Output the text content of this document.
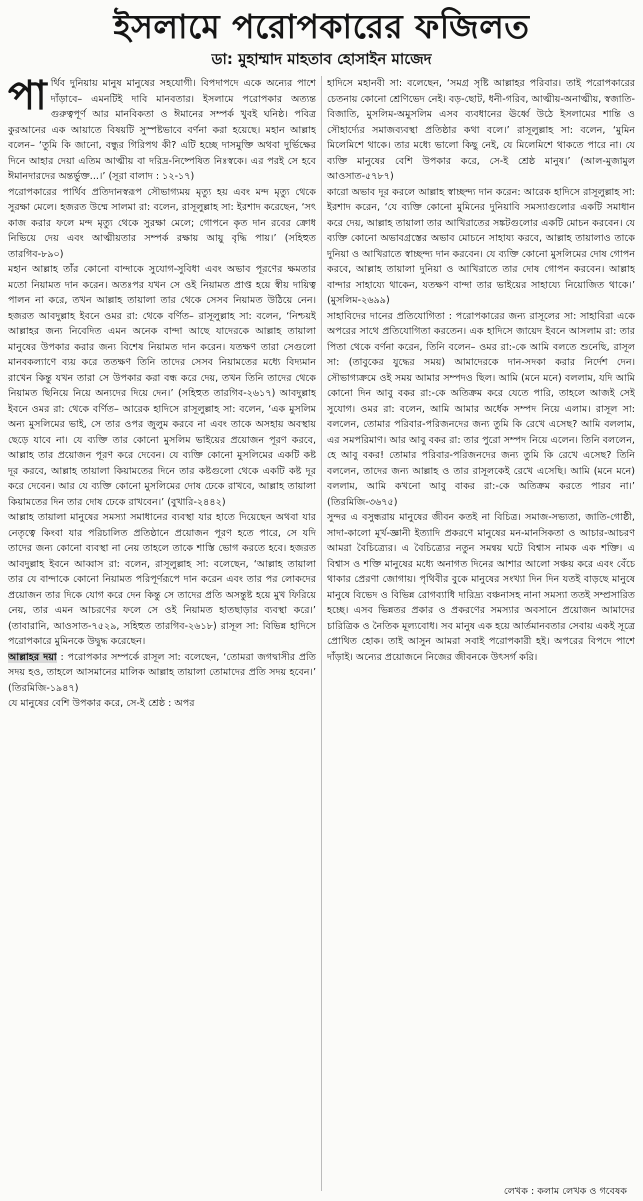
ইসলামে পরোপকারের ফজিলত
ডা: মুহাম্মাদ মাহতাব হোসাইন মাজেদ

পার্থিব দুনিয়ায় মানুষ মানুষের সহযোগী। বিপদাপদে একে অন্যের পাশে দাঁড়াবে– এমনটিই দাবি মানবতার। ইসলামে পরোপকার অত্যন্ত গুরুত্বপূর্ণ আর মানবিকতা ও ঈমানের সম্পর্ক খুবই ঘনিষ্ঠ। পবিত্র কুরআনের এক আয়াতে বিষয়টি সুস্পষ্টভাবে বর্ণনা করা হয়েছে। মহান আল্লাহ বলেন– ‘তুমি কি জানো, বন্ধুর গিরিপথ কী? এটি হচ্ছে দাসমুক্তি অথবা দুর্ভিক্ষের দিনে আহার দেয়া এতিম আত্মীয় বা দরিদ্র-নিষ্পেষিত নিঃস্বকে। এর পরই সে হবে ঈমানদারদের অন্তর্ভুক্ত...।’ (সূরা বালাদ : ১২-১৭)

পরোপকারের পার্থিব প্রতিদানস্বরূপ সৌভাগ্যময় মৃত্যু হয় এবং মন্দ মৃত্যু থেকে সুরক্ষা মেলে। হজরত উম্মে সালমা রা: বলেন, রাসূলুল্লাহ সা: ইরশাদ করেছেন, ‘সৎ কাজ করার ফলে মন্দ মৃত্যু থেকে সুরক্ষা মেলে; গোপনে কৃত দান রবের ক্রোধ নিভিয়ে দেয় এবং আত্মীয়তার সম্পর্ক রক্ষায় আয়ু বৃদ্ধি পায়।’ (সহিহুত তারগিব-৮৯০)

মহান আল্লাহ তাঁর কোনো বান্দাকে সুযোগ-সুবিধা এবং অভাব পূরণের ক্ষমতার মতো নিয়ামত দান করেন। অতঃপর যখন সে ওই নিয়ামত প্রাপ্ত হয়ে স্বীয় দায়িত্ব পালন না করে, তখন আল্লাহ তায়ালা তার থেকে সেসব নিয়ামত উঠিয়ে নেন। হজরত আবদুল্লাহ ইবনে ওমর রা: থেকে বর্ণিত– রাসূলুল্লাহ সা: বলেন, ‘নিশ্চয়ই আল্লাহর জন্য নিবেদিত এমন অনেক বান্দা আছে যাদেরকে আল্লাহ তায়ালা মানুষের উপকার করার জন্য বিশেষ নিয়ামত দান করেন। যতক্ষণ তারা সেগুলো মানবকল্যাণে ব্যয় করে ততক্ষণ তিনি তাদের সেসব নিয়ামতের মধ্যে বিদ্যমান রাখেন কিন্তু যখন তারা সে উপকার করা বন্ধ করে দেয়, তখন তিনি তাদের থেকে নিয়ামত ছিনিয়ে নিয়ে অন্যদের দিয়ে দেন।’ (সহিহুত তারগিব-২৬১৭) আবদুল্লাহ ইবনে ওমর রা: থেকে বর্ণিত– আরেক হাদিসে রাসূলুল্লাহ সা: বলেন, ‘এক মুসলিম অন্য মুসলিমের ভাই, সে তার ওপর জুলুম করবে না এবং তাকে অসহায় অবস্থায় ছেড়ে যাবে না। যে ব্যক্তি তার কোনো মুসলিম ভাইয়ের প্রয়োজন পূরণ করবে, আল্লাহ তার প্রয়োজন পূরণ করে দেবেন। যে ব্যক্তি কোনো মুসলিমের একটি কষ্ট দূর করবে, আল্লাহ তায়ালা কিয়ামতের দিনে তার কষ্টগুলো থেকে একটি কষ্ট দূর করে দেবেন। আর যে ব্যক্তি কোনো মুসলিমের দোষ ঢেকে রাখবে, আল্লাহ তায়ালা কিয়ামতের দিন তার দোষ ঢেকে রাখবেন।’ (বুখারি-২৪৪২)

আল্লাহ তায়ালা মানুষের সমস্যা সমাধানের ব্যবস্থা যার হাতে দিয়েছেন অথবা যার নেতৃত্বে কিংবা যার পরিচালিত প্রতিষ্ঠানে প্রয়োজন পূরণ হতে পারে, সে যদি তাদের জন্য কোনো ব্যবস্থা না নেয় তাহলে তাকে শাস্তি ভোগ করতে হবে। হজরত আবদুল্লাহ ইবনে আব্বাস রা: বলেন, রাসূলুল্লাহ সা: বলেছেন, ‘আল্লাহ তায়ালা তার যে বান্দাকে কোনো নিয়ামত পরিপূর্ণরূপে দান করেন এবং তার পর লোকদের প্রয়োজন তার দিকে যোগ করে দেন কিন্তু সে তাদের প্রতি অসন্তুষ্ট হয়ে মুখ ফিরিয়ে নেয়, তার এমন আচরণের ফলে সে ওই নিয়ামত হাতছাড়ার ব্যবস্থা করে।’ (তাবারানি, আওসাত-৭৫২৯, সহিহুত তারগিব-২৬১৮) রাসূল সা: বিভিন্ন হাদিসে পরোপকারে মুমিনকে উদ্বুদ্ধ করেছেন।

আল্লাহর দয়া : পরোপকার সম্পর্কে রাসূল সা: বলেছেন, ‘তোমরা জগদ্বাসীর প্রতি সদয় হও, তাহলে আসমানের মালিক আল্লাহ তায়ালা তোমাদের প্রতি সদয় হবেন।’ (তিরমিজি-১৯৪৭)

যে মানুষের বেশি উপকার করে, সে-ই শ্রেষ্ঠ : অপর

হাদিসে মহানবী সা: বলেছেন, ‘সমগ্র সৃষ্টি আল্লাহর পরিবার। তাই পরোপকারের চেতনায় কোনো শ্রেণিভেদ নেই। বড়-ছোট, ধনী-গরিব, আত্মীয়-অনাত্মীয়, স্বজাতি-বিজাতি, মুসলিম-অমুসলিম এসব ব্যবধানের ঊর্ধ্বে উঠে ইসলামের শান্তি ও সৌহার্দ্যের সমাজব্যবস্থা প্রতিষ্ঠার কথা বলে।’ রাসূলুল্লাহ সা: বলেন, ‘মুমিন মিলেমিশে থাকে। তার মধ্যে ভালো কিছু নেই, যে মিলেমিশে থাকতে পারে না। যে ব্যক্তি মানুষের বেশি উপকার করে, সে-ই শ্রেষ্ঠ মানুষ।’ (আল-মুজামুল আওসাত-৫৭৮৭)

কারো অভাব দূর করলে আল্লাহ স্বাচ্ছন্দ্য দান করেন: আরেক হাদিসে রাসূলুল্লাহ সা: ইরশাদ করেন, ‘যে ব্যক্তি কোনো মুমিনের দুনিয়াবি সমস্যাগুলোর একটি সমাধান করে দেয়, আল্লাহ তায়ালা তার আখিরাতের সঙ্কটগুলোর একটি মোচন করবেন। যে ব্যক্তি কোনো অভাবগ্রস্তের অভাব মোচনে সাহায্য করবে, আল্লাহ তায়ালাও তাকে দুনিয়া ও আখিরাতে স্বাচ্ছন্দ্য দান করবেন। যে ব্যক্তি কোনো মুসলিমের দোষ গোপন করবে, আল্লাহ তায়ালা দুনিয়া ও আখিরাতে তার দোষ গোপন করবেন। আল্লাহ বান্দার সাহায্যে থাকেন, যতক্ষণ বান্দা তার ভাইয়ের সাহায্যে নিয়োজিত থাকে।’ (মুসলিম-২৬৯৯)

সাহাবিদের দানের প্রতিযোগিতা : পরোপকারের জন্য রাসূলের সা: সাহাবিরা একে অপরের সাথে প্রতিযোগিতা করতেন। এক হাদিসে জায়েদ ইবনে আসলাম রা: তার পিতা থেকে বর্ণনা করেন, তিনি বলেন– ওমর রা:-কে আমি বলতে শুনেছি, রাসূল সা: (তাবুকের যুদ্ধের সময়) আমাদেরকে দান-সদকা করার নির্দেশ দেন। সৌভাগ্যক্রমে ওই সময় আমার সম্পদও ছিল। আমি (মনে মনে) বললাম, যদি আমি কোনো দিন আবু বকর রা:-কে অতিক্রম করে যেতে পারি, তাহলে আজই সেই সুযোগ। ওমর রা: বলেন, আমি আমার অর্ধেক সম্পদ নিয়ে এলাম। রাসূল সা: বললেন, তোমার পরিবার-পরিজনদের জন্য তুমি কি রেখে এসেছ? আমি বললাম, এর সমপরিমাণ। আর আবু বকর রা: তার পুরো সম্পদ নিয়ে এলেন। তিনি বললেন, হে আবু বকর! তোমার পরিবার-পরিজনদের জন্য তুমি কি রেখে এসেছ? তিনি বললেন, তাদের জন্য আল্লাহ ও তার রাসূলকেই রেখে এসেছি। আমি (মনে মনে) বললাম, আমি কখনো আবু বাকর রা:-কে অতিক্রম করতে পারব না।’ (তিরমিজি-৩৬৭৫)

সুন্দর এ বসুন্ধরায় মানুষের জীবন কতই না বিচিত্র। সমাজ-সভ্যতা, জাতি-গোষ্ঠী, সাদা-কালো মূর্খ-জ্ঞানী ইত্যাদি প্রকরণে মানুষের মন-মানসিকতা ও আচার-আচরণ আমরা বৈচিত্র্যের। এ বৈচিত্র্যের নতুন সমন্বয় ঘটে বিশ্বাস নামক এক শক্তি। এ বিশ্বাস ও শক্তি মানুষের মধ্যে অনাগত দিনের আশার আলো সঞ্চয় করে এবং বেঁচে থাকার প্রেরণা জোগায়। পৃথিবীর বুকে মানুষের সংখ্যা দিন দিন যতই বাড়ছে মানুষে মানুষে বিভেদ ও বিভিন্ন রোগব্যাধি দারিদ্র্য বঞ্চনাসহ নানা সমস্যা ততই সম্প্রসারিত হচ্ছে। এসব ভিন্নতর প্রকার ও প্রকরণের সমস্যার অবসানে প্রয়োজন আমাদের চারিত্রিক ও নৈতিক মূল্যবোধ। সব মানুষ এক হয়ে আর্তমানবতার সেবায় একই সূত্রে প্রোথিত হোক। তাই আসুন আমরা সবাই পরোপকারী হই। অপরের বিপদে পাশে দাঁড়াই। অন্যের প্রয়োজনে নিজের জীবনকে উৎসর্গ করি।

লেখক : কলাম লেখক ও গবেষক
